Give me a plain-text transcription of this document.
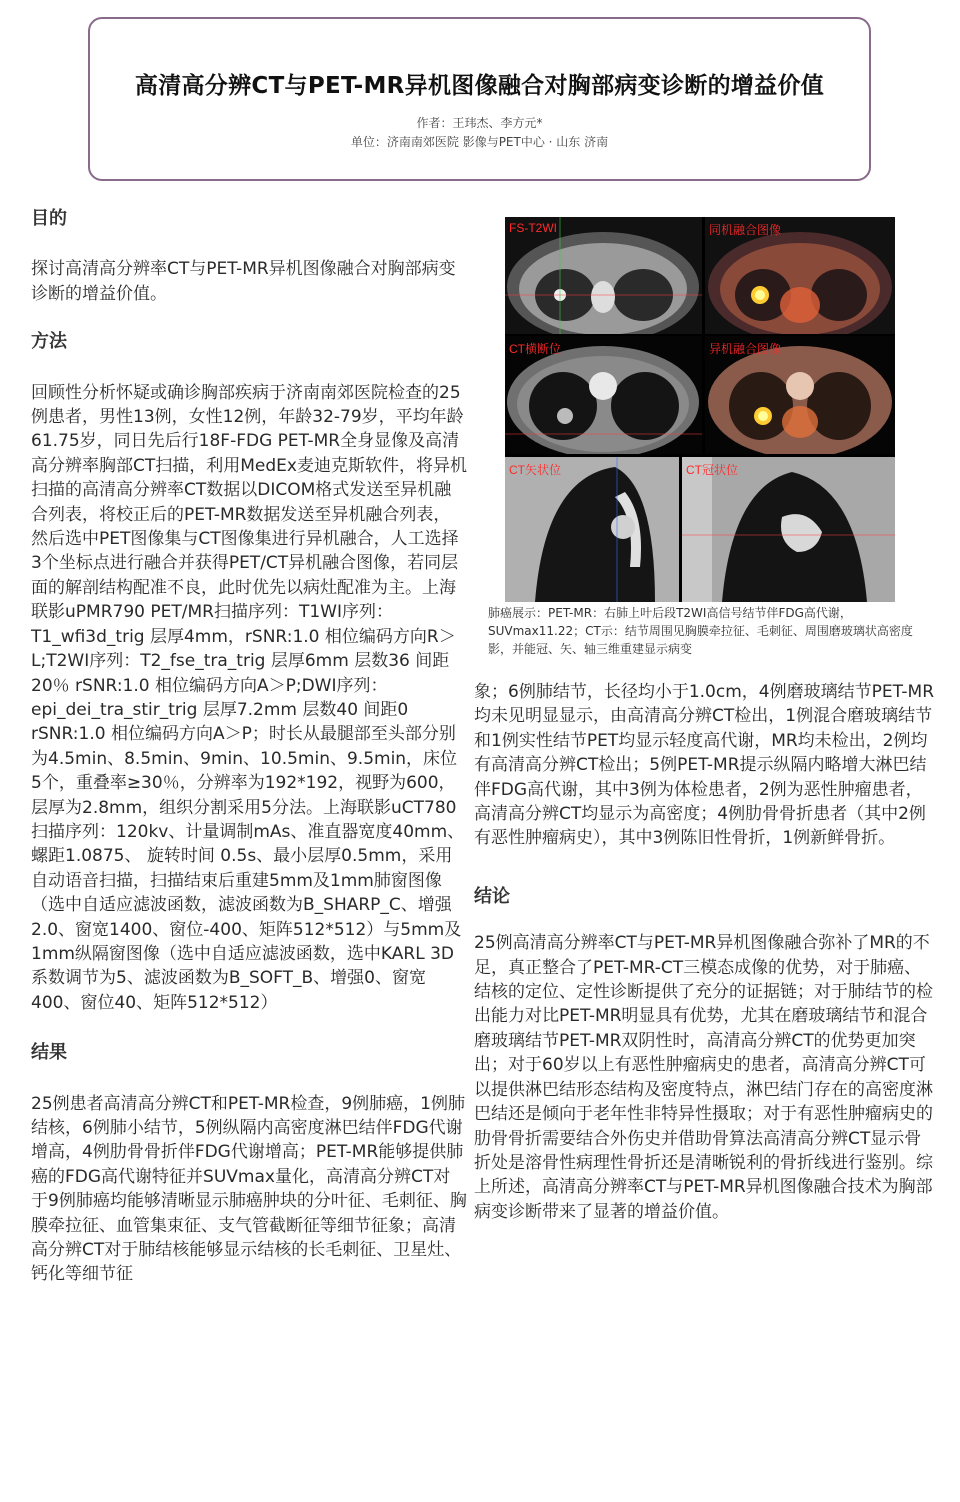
高清高分辨CT与PET-MR异机图像融合对胸部病变诊断的增益价值
作者：王玮杰、李方元*
单位：济南南郊医院 影像与PET中心 · 山东 济南
目的

探讨高清高分辨率CT与PET-MR异机图像融合对胸部病变诊断的增益价值。

方法

回顾性分析怀疑或确诊胸部疾病于济南南郊医院检查的25例患者，男性13例，女性12例，年龄32-79岁，平均年龄61.75岁，同日先后行18F-FDG PET-MR全身显像及高清高分辨率胸部CT扫描，利用MedEx麦迪克斯软件，将异机扫描的高清高分辨率CT数据以DICOM格式发送至异机融合列表，将校正后的PET-MR数据发送至异机融合列表，然后选中PET图像集与CT图像集进行异机融合，人工选择3个坐标点进行融合并获得PET/CT异机融合图像，若同层面的解剖结构配准不良，此时优先以病灶配准为主。上海联影uPMR790 PET/MR扫描序列：T1WI序列：T1_wfi3d_trig 层厚4mm，rSNR:1.0 相位编码方向R＞L;T2WI序列：T2_fse_tra_trig 层厚6mm 层数36 间距20％ rSNR:1.0 相位编码方向A＞P;DWI序列：epi_dei_tra_stir_trig 层厚7.2mm 层数40 间距0 rSNR:1.0 相位编码方向A＞P；时长从最腿部至头部分别为4.5min、8.5min、9min、10.5min、9.5min，床位5个，重叠率≥30％，分辨率为192*192，视野为600，层厚为2.8mm，组织分割采用5分法。上海联影uCT780扫描序列：120kv、计量调制mAs、准直器宽度40mm、螺距1.0875、 旋转时间 0.5s、最小层厚0.5mm，采用自动语音扫描，扫描结束后重建5mm及1mm肺窗图像（选中自适应滤波函数，滤波函数为B_SHARP_C、增强2.0、窗宽1400、窗位-400、矩阵512*512）与5mm及1mm纵隔窗图像（选中自适应滤波函数，选中KARL 3D系数调节为5、滤波函数为B_SOFT_B、增强0、窗宽400、窗位40、矩阵512*512）

结果

25例患者高清高分辨CT和PET-MR检查，9例肺癌，1例肺结核，6例肺小结节，5例纵隔内高密度淋巴结伴FDG代谢增高，4例肋骨骨折伴FDG代谢增高；PET-MR能够提供肺癌的FDG高代谢特征并SUVmax量化，高清高分辨CT对于9例肺癌均能够清晰显示肺癌肿块的分叶征、毛刺征、胸膜牵拉征、血管集束征、支气管截断征等细节征象；高清高分辨CT对于肺结核能够显示结核的长毛刺征、卫星灶、钙化等细节征

FS-T2WI	同机融合图像
CT横断位	异机融合图像
CT矢状位	CT冠状位
肺癌展示：PET-MR：右肺上叶后段T2WI高信号结节伴FDG高代谢，SUVmax11.22；CT示：结节周围见胸膜牵拉征、毛刺征、周围磨玻璃状高密度影，并能冠、矢、轴三维重建显示病变

象；6例肺结节，长径均小于1.0cm，4例磨玻璃结节PET-MR均未见明显显示，由高清高分辨CT检出，1例混合磨玻璃结节和1例实性结节PET均显示轻度高代谢，MR均未检出，2例均有高清高分辨CT检出；5例PET-MR提示纵隔内略增大淋巴结伴FDG高代谢，其中3例为体检患者，2例为恶性肿瘤患者，高清高分辨CT均显示为高密度；4例肋骨骨折患者（其中2例有恶性肿瘤病史），其中3例陈旧性骨折，1例新鲜骨折。

结论

25例高清高分辨率CT与PET-MR异机图像融合弥补了MR的不足，真正整合了PET-MR-CT三模态成像的优势，对于肺癌、结核的定位、定性诊断提供了充分的证据链；对于肺结节的检出能力对比PET-MR明显具有优势，尤其在磨玻璃结节和混合磨玻璃结节PET-MR双阴性时，高清高分辨CT的优势更加突出；对于60岁以上有恶性肿瘤病史的患者，高清高分辨CT可以提供淋巴结形态结构及密度特点，淋巴结门存在的高密度淋巴结还是倾向于老年性非特异性摄取；对于有恶性肿瘤病史的肋骨骨折需要结合外伤史并借助骨算法高清高分辨CT显示骨折处是溶骨性病理性骨折还是清晰锐利的骨折线进行鉴别。综上所述，高清高分辨率CT与PET-MR异机图像融合技术为胸部病变诊断带来了显著的增益价值。
